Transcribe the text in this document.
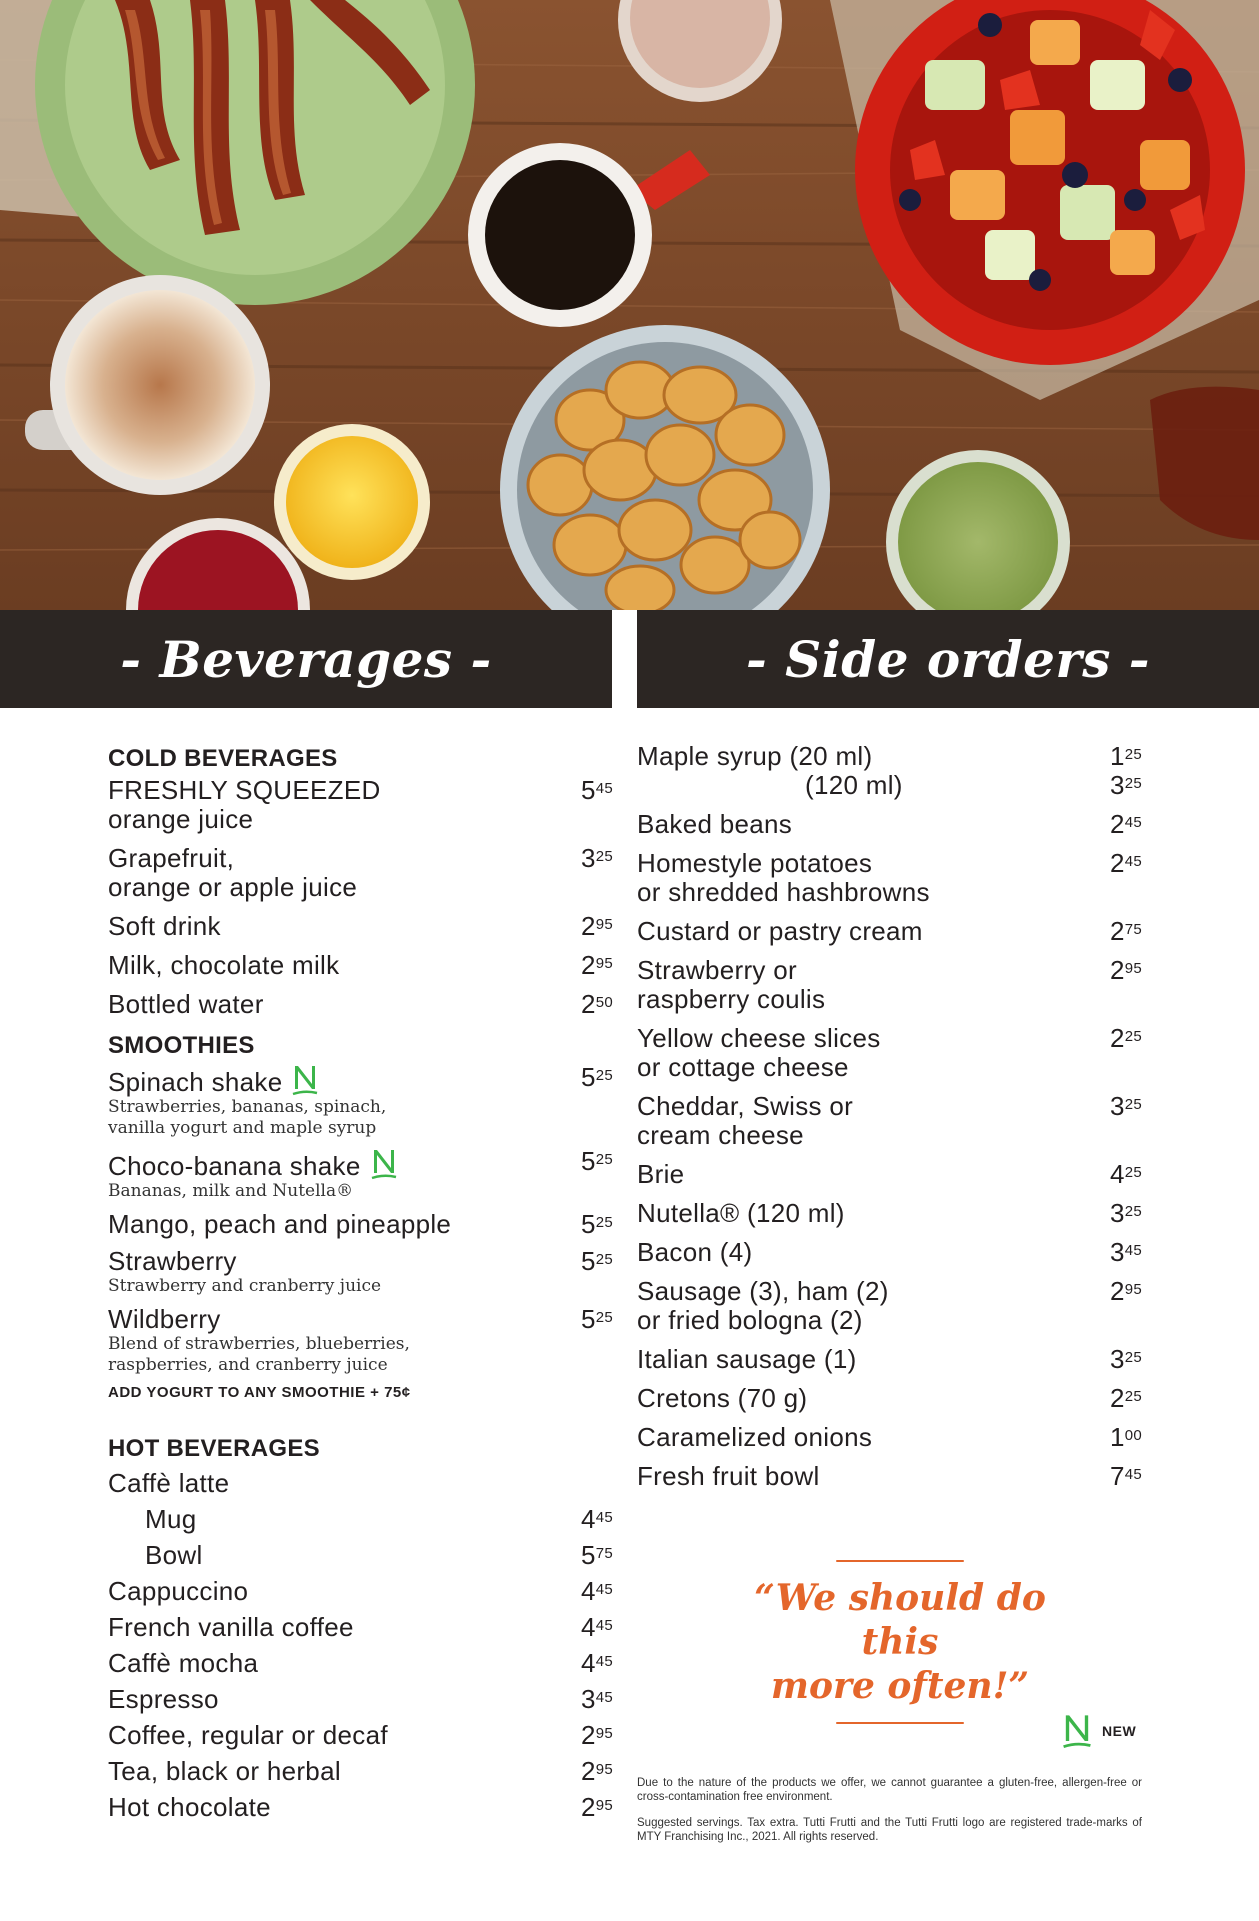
- Beverages -	- Side orders -
COLD BEVERAGES
FRESHLY SQUEEZED
orange juice
$5^{45}$
Grapefruit,
orange or apple juice
$3^{25}$
Soft drink	$2^{95}$
Milk, chocolate milk	$2^{95}$
Bottled water	$2^{50}$
SMOOTHIES
Spinach shake
Strawberries, bananas, spinach,
vanilla yogurt and maple syrup
$5^{25}$
Choco-banana shake
Bananas, milk and Nutella®
$5^{25}$
Mango, peach and pineapple	$5^{25}$
Strawberry
Strawberry and cranberry juice
$5^{25}$
Wildberry
Blend of strawberries, blueberries,
raspberries, and cranberry juice
$5^{25}$
ADD YOGURT TO ANY SMOOTHIE + 75¢
HOT BEVERAGES
Caffè latte
Mug	$4^{45}$
Bowl	$5^{75}$
Cappuccino	$4^{45}$
French vanilla coffee	$4^{45}$
Caffè mocha	$4^{45}$
Espresso	$3^{45}$
Coffee, regular or decaf	$2^{95}$
Tea, black or herbal	$2^{95}$
Hot chocolate	$2^{95}$
Maple syrup (20 ml)	$1^{25}$
(120 ml)	$3^{25}$
Baked beans	$2^{45}$
Homestyle potatoes
or shredded hashbrowns
$2^{45}$
Custard or pastry cream	$2^{75}$
Strawberry or
raspberry coulis
$2^{95}$
Yellow cheese slices
or cottage cheese
$2^{25}$
Cheddar, Swiss or
cream cheese
$3^{25}$
Brie	$4^{25}$
Nutella® (120 ml)	$3^{25}$
Bacon (4)	$3^{45}$
Sausage (3), ham (2)
or fried bologna (2)
$2^{95}$
Italian sausage (1)	$3^{25}$
Cretons (70 g)	$2^{25}$
Caramelized onions	$1^{00}$
Fresh fruit bowl	$7^{45}$
“We should do this
more often!”
NEW
Due to the nature of the products we offer, we cannot guarantee a gluten-free, allergen-free or cross-contamination free environment.
Suggested servings. Tax extra. Tutti Frutti and the Tutti Frutti logo are registered trade-marks of MTY Franchising Inc., 2021. All rights reserved.
